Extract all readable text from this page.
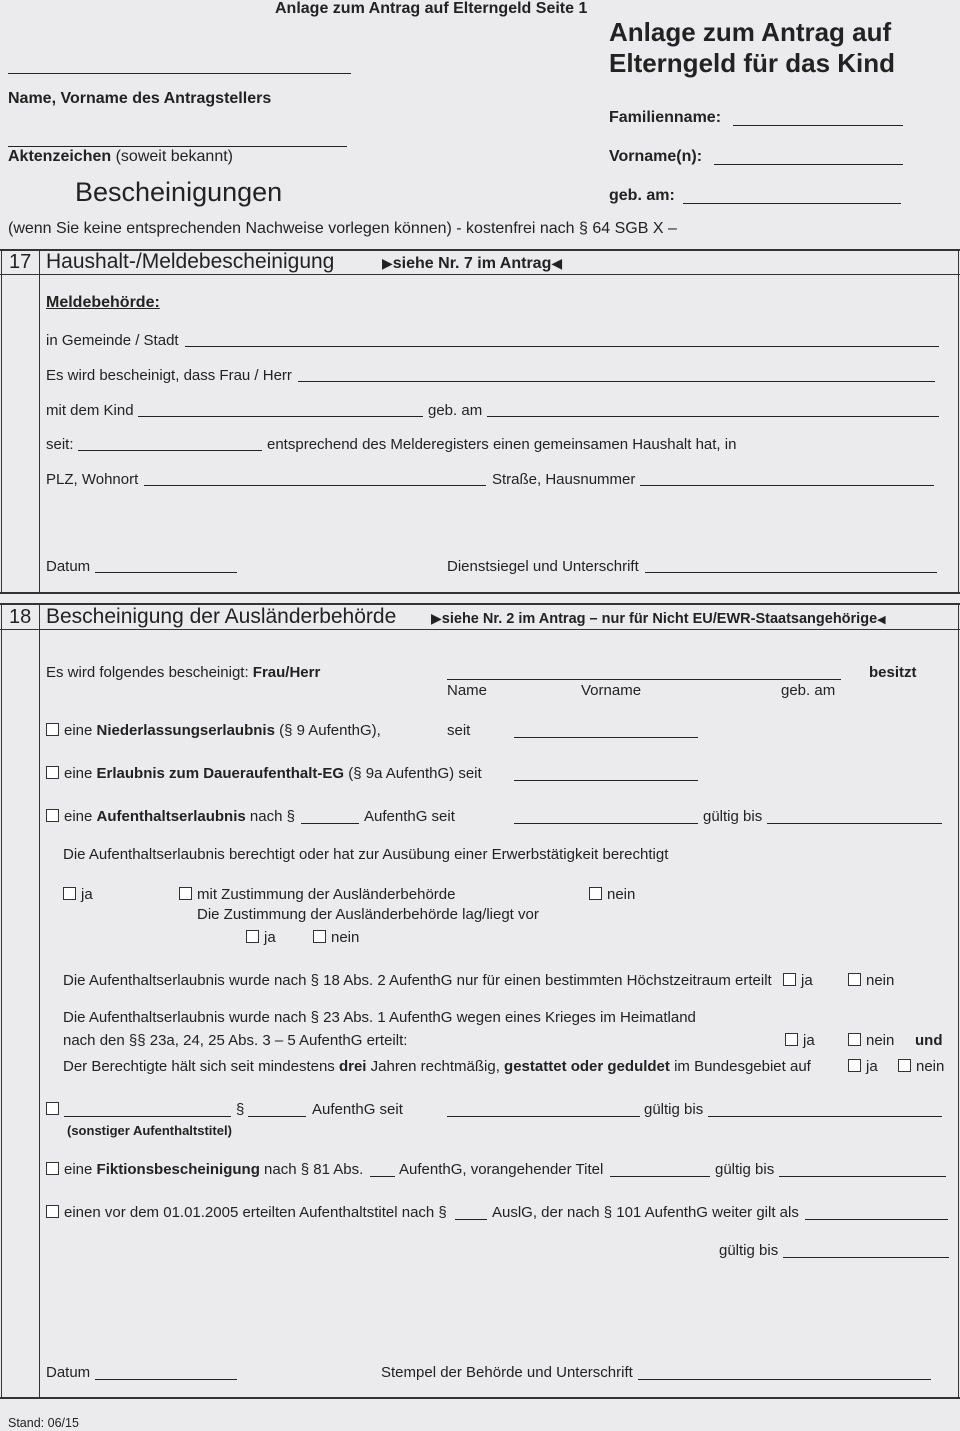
Anlage zum Antrag auf Elterngeld Seite 1
Anlage zum Antrag auf
Elterngeld für das Kind
Name, Vorname des Antragstellers
Aktenzeichen (soweit bekannt)
Familienname:
Vorname(n):
geb. am:
Bescheinigungen
(wenn Sie keine entsprechenden Nachweise vorlegen können) - kostenfrei nach § 64 SGB X –
17 Haushalt-/Meldebescheinigung	▶siehe Nr. 7 im Antrag◀
Meldebehörde:
in Gemeinde / Stadt
Es wird bescheinigt, dass Frau / Herr
mit dem Kind	geb. am
seit:	entsprechend des Melderegisters einen gemeinsamen Haushalt hat, in
PLZ, Wohnort	Straße, Hausnummer
Datum	Dienstsiegel und Unterschrift
18 Bescheinigung der Ausländerbehörde ▶siehe Nr. 2 im Antrag – nur für Nicht EU/EWR-Staatsangehörige◀
Es wird folgendes bescheinigt: Frau/Herr	besitzt
Name	Vorname	geb. am
eine Niederlassungserlaubnis (§ 9 AufenthG),	seit
eine Erlaubnis zum Daueraufenthalt-EG (§ 9a AufenthG) seit
eine Aufenthaltserlaubnis nach §	AufenthG seit	gültig bis
Die Aufenthaltserlaubnis berechtigt oder hat zur Ausübung einer Erwerbstätigkeit berechtigt
ja	mit Zustimmung der Ausländerbehörde	nein
Die Zustimmung der Ausländerbehörde lag/liegt vor
ja	nein
Die Aufenthaltserlaubnis wurde nach § 18 Abs. 2 AufenthG nur für einen bestimmten Höchstzeitraum erteilt	ja	nein
Die Aufenthaltserlaubnis wurde nach § 23 Abs. 1 AufenthG wegen eines Krieges im Heimatland
nach den §§ 23a, 24, 25 Abs. 3 – 5 AufenthG erteilt:	ja	nein und
Der Berechtigte hält sich seit mindestens drei Jahren rechtmäßig, gestattet oder geduldet im Bundesgebiet auf	ja	nein
§	AufenthG seit	gültig bis
(sonstiger Aufenthaltstitel)
eine Fiktionsbescheinigung nach § 81 Abs. AufenthG, vorangehender Titel	gültig bis
einen vor dem 01.01.2005 erteilten Aufenthaltstitel nach §	AuslG, der nach § 101 AufenthG weiter gilt als
gültig bis
Datum	Stempel der Behörde und Unterschrift
Stand: 06/15
